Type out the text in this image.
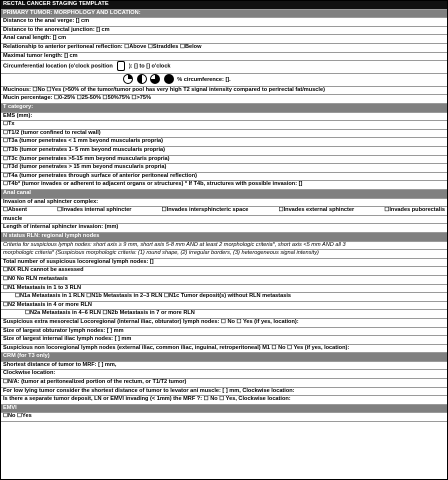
RECTAL CANCER STAGING TEMPLATE
PRIMARY TUMOR: MORPHOLOGY AND LOCATION:
Distance to the anal verge: [] cm
Distance to the anorectal junction: [] cm
Anal canal length: [] cm
Relationship to anterior peritoneal reflection: ☐Above ☐Straddles ☐Below
Maximal tumor length: [] cm
Circumferential location (o'clock position	): [] to [] o'clock
% circumference: [].
Mucinous: ☐No ☐Yes (>50% of the tumor/tumor pool has very high T2 signal intensity compared to perirectal fat/muscle)
Mucin percentage: ☐0-25% ☐25-50% ☐50%75% ☐>75%
T category:
EMS (mm):
☐Tx
☐T1/2 (tumor confined to rectal wall)
☐T3a (tumor penetrates < 1 mm beyond muscularis propria)
☐T3b (tumor penetrates 1- 5 mm beyond muscularis propria)
☐T3c (tumor penetrates >5-15 mm beyond muscularis propria)
☐T3d (tumor penetrates > 15 mm beyond muscularis propria)
☐T4a (tumor penetrates through surface of anterior peritoneal reflection)
☐T4b* (tumor invades or adherent to adjacent organs or structures) * If T4b, structures with possible invasion: []
Anal canal
Invasion of anal sphincter complex:
☐Absent	☐Invades internal sphincter	☐Invades intersphincteric space	☐Invades external sphincter	☐Invades puborectalis
muscle
Length of internal sphincter invasion: (mm)
N status RLN: regional lymph nodes
Criteria for suspicious lymph nodes: short axis ≥ 9 mm, short axis 5-8 mm AND at least 2 morphologic criteria*, short axis <5 mm AND all 3
morphologic criteria* (Suspicious morphologic criteria: (1) round shape, (2) irregular borders, (3) heterogeneous signal intensity)
Total number of suspicious locoregional lymph nodes: []
☐NX RLN cannot be assessed
☐N0 No RLN metastasis
☐N1 Metastasis in 1 to 3 RLN
☐N1a Metastasis in 1 RLN ☐N1b Metastasis in 2–3 RLN ☐N1c Tumor deposit(s) without RLN metastasis
☐N2 Metastasis in 4 or more RLN
☐N2a Metastasis in 4–6 RLN ☐N2b Metastasis in 7 or more RLN
Suspicious extra mesorectal Locoregional (internal iliac, obturator) lymph nodes: ☐ No ☐ Yes (if yes, location):
Size of largest obturator lymph nodes: [ ] mm
Size of largest internal iliac lymph nodes: [ ] mm
Suspicious non locoregional lymph nodes (external iliac, common iliac, inguinal, retroperitoneal) M1 ☐ No ☐ Yes (if yes, location):
CRM (for T3 only)
Shortest distance of tumor to MRF: [ ] mm,
Clockwise location:
☐N/A: (tumor at peritonealized portion of the rectum, or T1/T2 tumor)
For low lying tumor consider the shortest distance of tumor to levator ani muscle: [ ] mm, Clockwise location:
Is there a separate tumor deposit, LN or EMVI invading (< 1mm) the MRF ?: ☐ No ☐ Yes, Clockwise location:
EMVI
☐No ☐Yes
